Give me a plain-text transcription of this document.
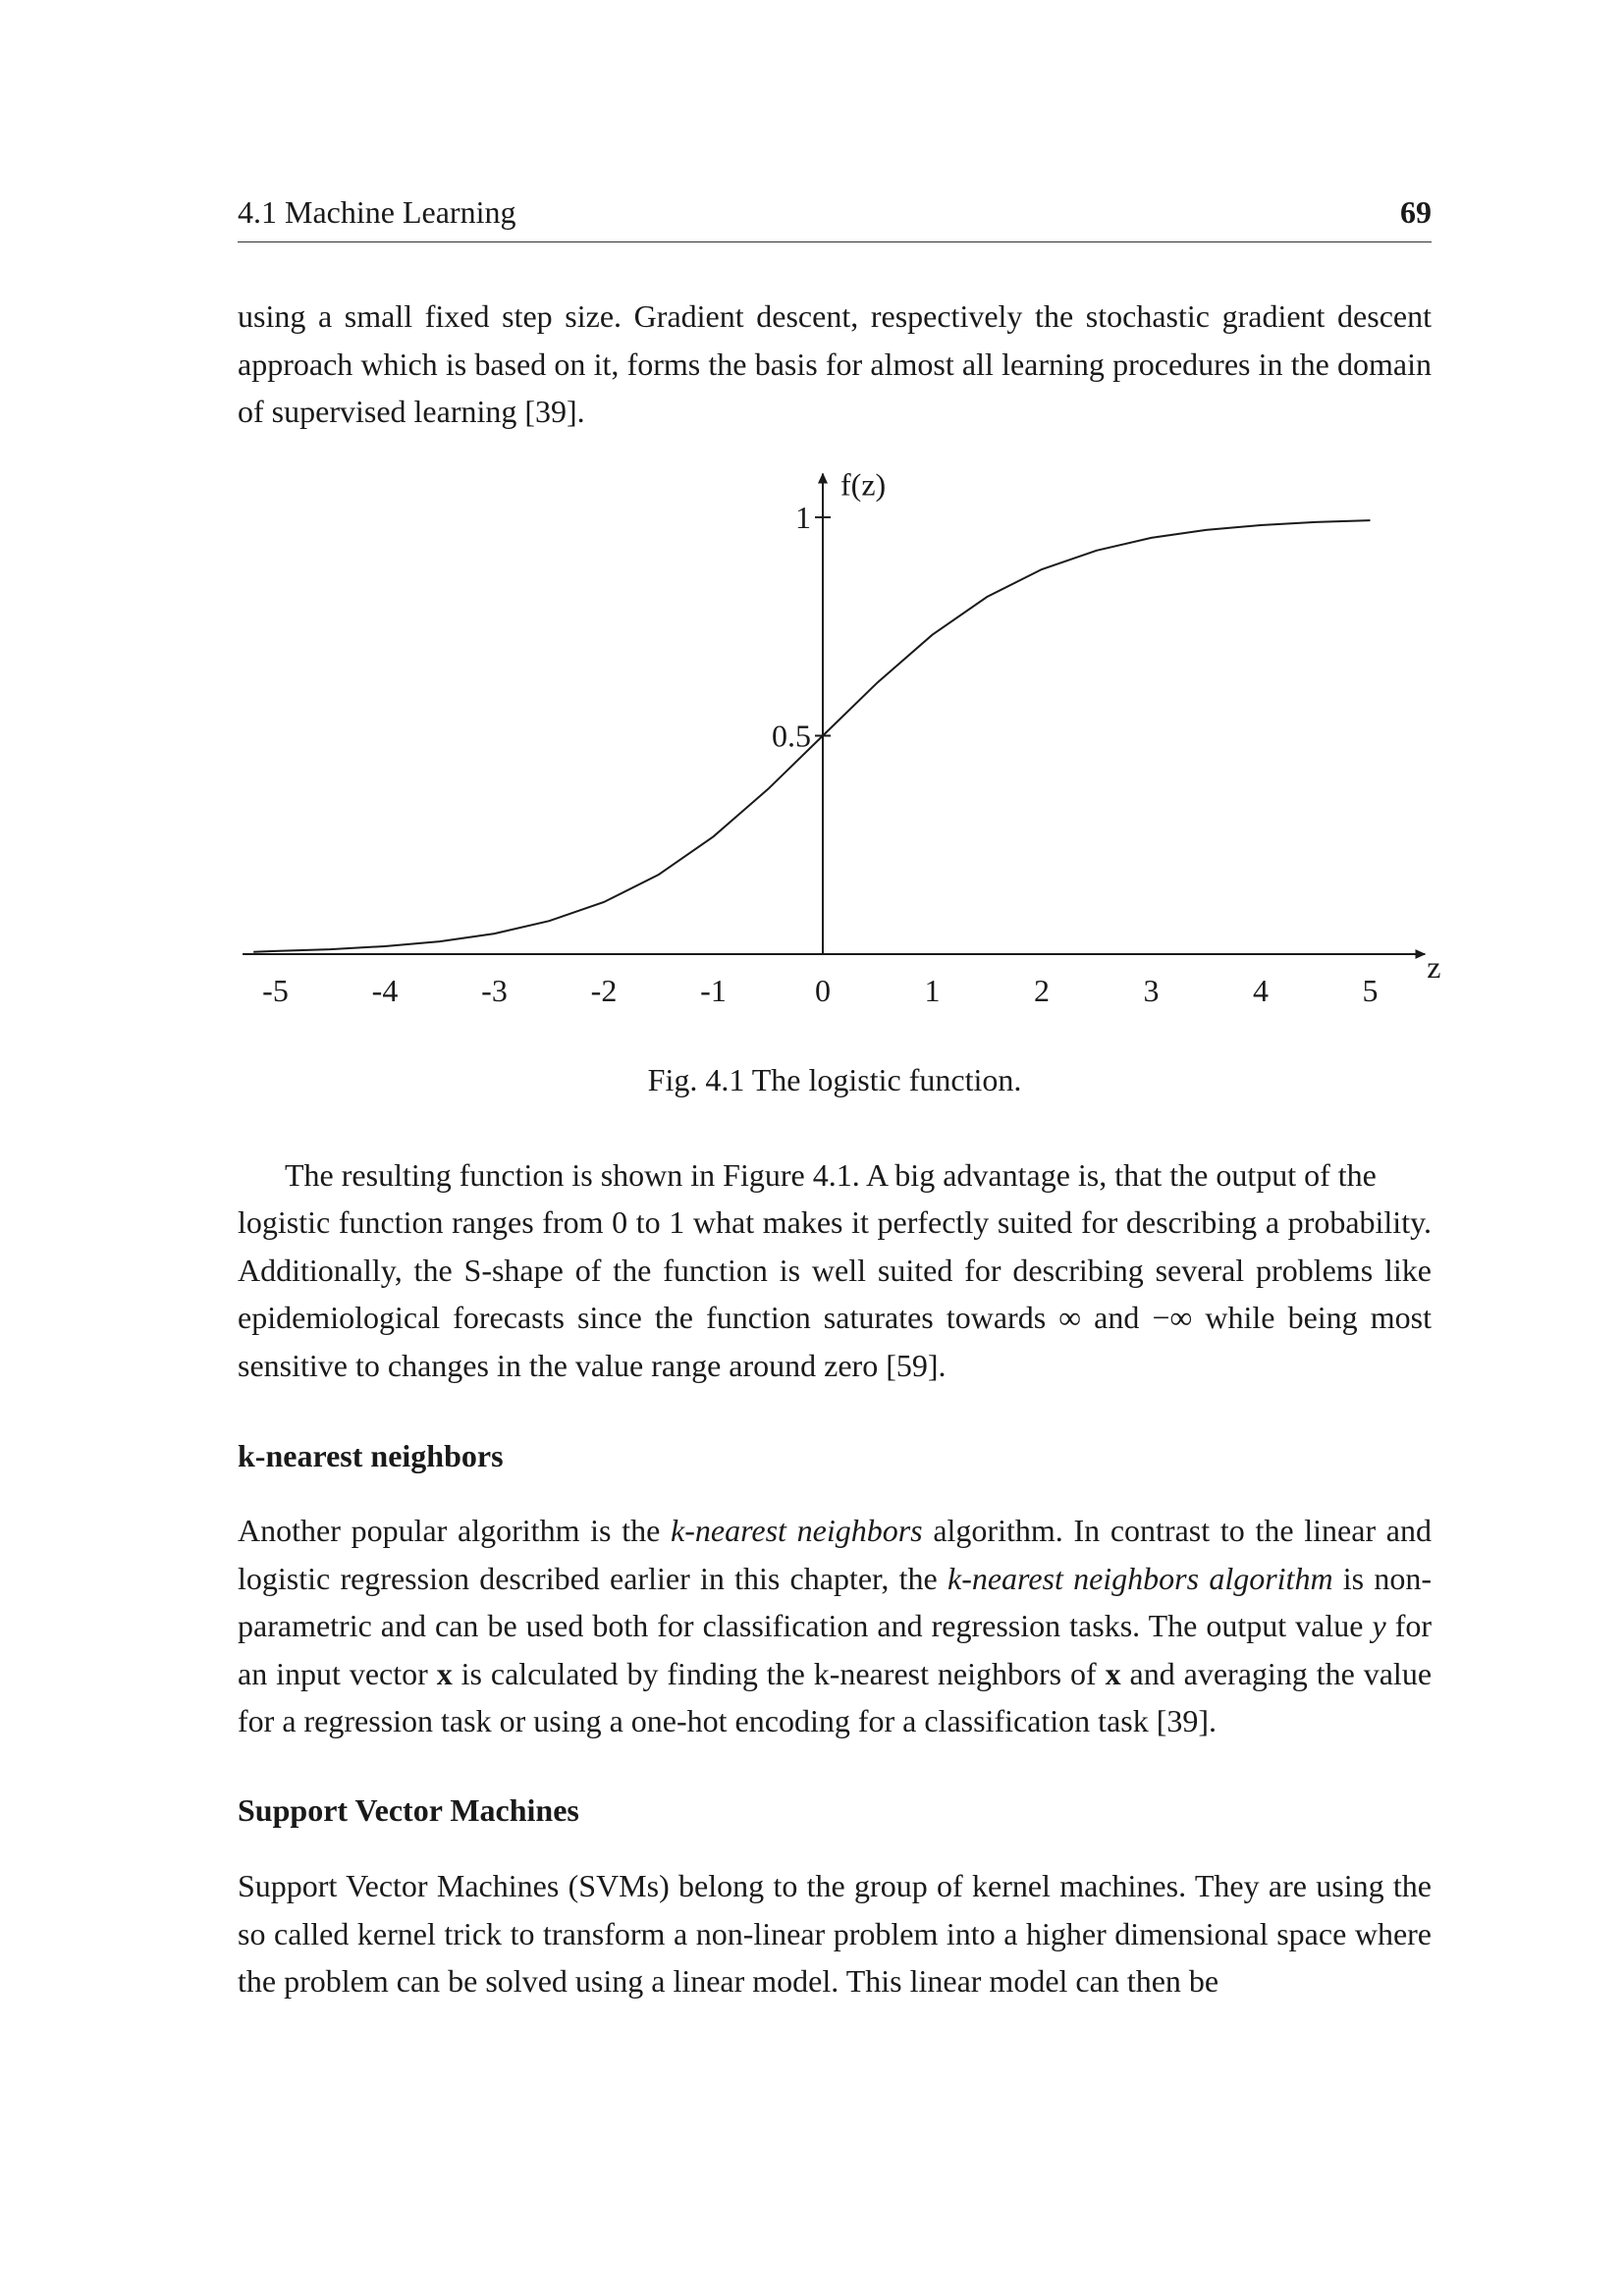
4.1 Machine Learning	69

using a small fixed step size. Gradient descent, respectively the stochastic gradient descent approach which is based on it, forms the basis for almost all learning procedures in the domain of supervised learning [39].

z
f(z)
-5	-4	-3	-2	-1	0	1	2	3	4	5
0.5
1
Fig. 4.1 The logistic function.
The resulting function is shown in Figure 4.1. A big advantage is, that the output of the
logistic function ranges from 0 to 1 what makes it perfectly suited for describing a probability.
Additionally, the S-shape of the function is well suited for describing several problems like
epidemiological forecasts since the function saturates towards ∞ and −∞ while being most
sensitive to changes in the value range around zero [59].
k-nearest neighbors

Another popular algorithm is the k-nearest neighbors algorithm. In contrast to the linear and logistic regression described earlier in this chapter, the k-nearest neighbors algorithm is non-parametric and can be used both for classification and regression tasks. The output value y for an input vector x is calculated by finding the k-nearest neighbors of x and averaging the value for a regression task or using a one-hot encoding for a classification task [39].

Support Vector Machines

Support Vector Machines (SVMs) belong to the group of kernel machines. They are using the so called kernel trick to transform a non-linear problem into a higher dimensional space where the problem can be solved using a linear model. This linear model can then be
